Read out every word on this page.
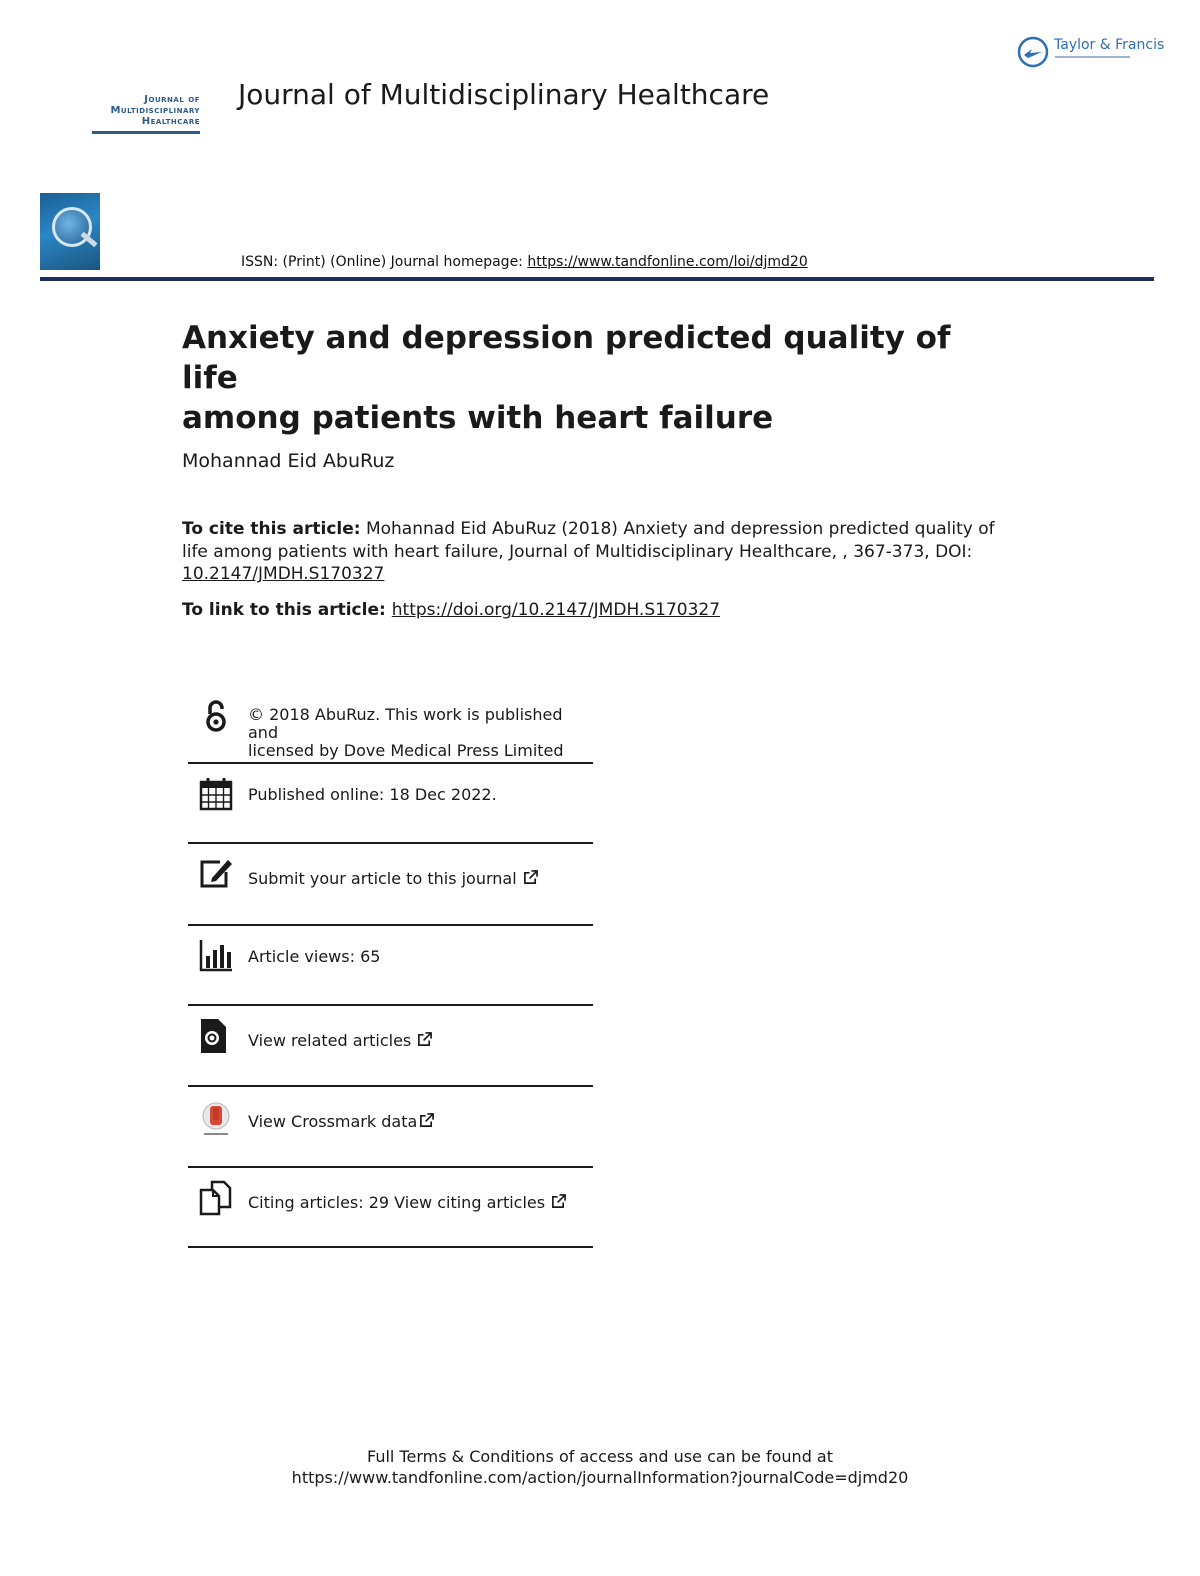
Journal of
Multidisciplinary
Healthcare
Journal of Multidisciplinary Healthcare
Taylor & Francis
ISSN: (Print) (Online) Journal homepage: https://www.tandfonline.com/loi/djmd20
Anxiety and depression predicted quality of life
among patients with heart failure
Mohannad Eid AbuRuz
To cite this article: Mohannad Eid AbuRuz (2018) Anxiety and depression predicted quality of life among patients with heart failure, Journal of Multidisciplinary Healthcare, , 367-373, DOI:
10.2147/JMDH.S170327
To link to this article: https://doi.org/10.2147/JMDH.S170327
© 2018 AbuRuz. This work is published and
licensed by Dove Medical Press Limited
Published online: 18 Dec 2022.
Submit your article to this journal
Article views: 65
View related articles
View Crossmark data
Citing articles: 29 View citing articles
Full Terms & Conditions of access and use can be found at
https://www.tandfonline.com/action/journalInformation?journalCode=djmd20
